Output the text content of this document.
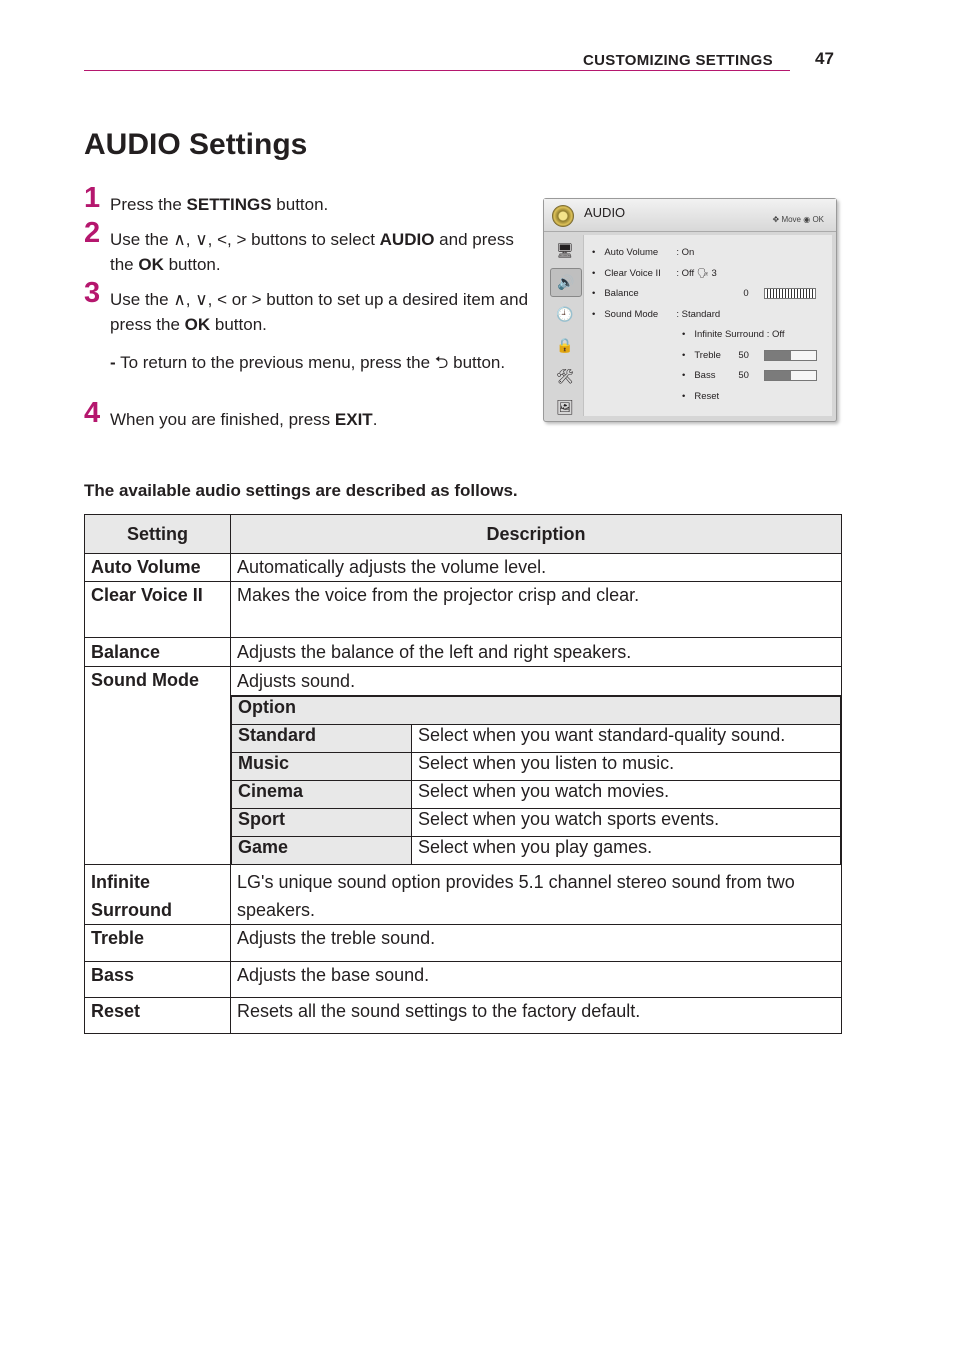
CUSTOMIZING SETTINGS 47
AUDIO Settings
1 Press the SETTINGS button.
2 Use the ∧, ∨, <, > buttons to select AUDIO and press the OK button.
3 Use the ∧, ∨, < or > button to set up a desired item and press the OK button.
- To return to the previous menu, press the ⮌ button.
4 When you are finished, press EXIT.
AUDIO	✥ Move ◉ OK
🖥
🔊
🕘
🔒
🛠
🖼
• Auto Volume : On
• Clear Voice II : Off 🗣 3
• Balance	0
• Sound Mode : Standard
• Infinite Surround : Off
• Treble 50
• Bass 50
• Reset
The available audio settings are described as follows.
Setting	Description
Auto Volume	Automatically adjusts the volume level.
Clear Voice II	Makes the voice from the projector crisp and clear.
Balance	Adjusts the balance of the left and right speakers.
Sound Mode	Adjusts sound.
Option
Standard	Select when you want standard-quality sound.
Music	Select when you listen to music.
Cinema	Select when you watch movies.
Sport	Select when you watch sports events.
Game	Select when you play games.

Infinite
Surround	LG's unique sound option provides 5.1 channel stereo sound from two speakers.
Treble	Adjusts the treble sound.
Bass	Adjusts the base sound.
Reset	Resets all the sound settings to the factory default.
